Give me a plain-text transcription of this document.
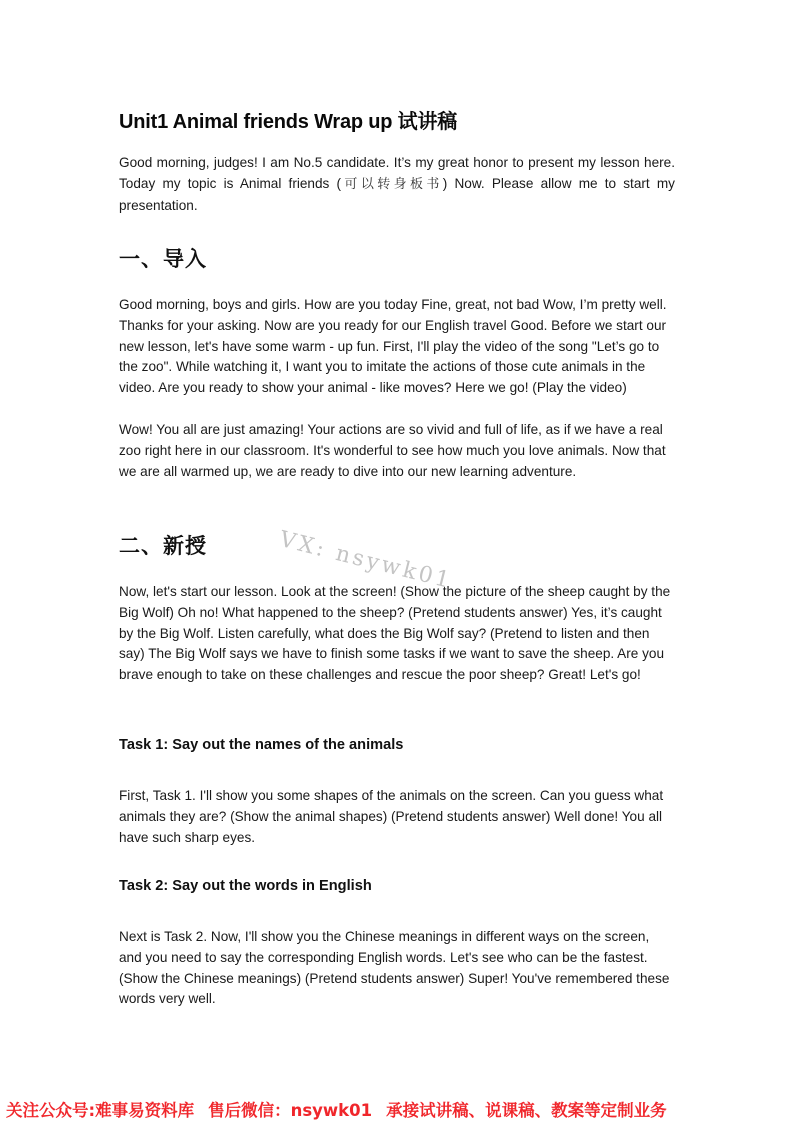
Unit1 Animal friends Wrap up 试讲稿

Good morning, judges! I am No.5 candidate. It’s my great honor to present my lesson here. Today my topic is Animal friends (可以转身板书) Now. Please allow me to start my presentation.

一、导入

Good morning, boys and girls. How are you today Fine, great, not bad Wow, I’m pretty well. Thanks for your asking. Now are you ready for our English travel Good. Before we start our new lesson, let's have some warm - up fun. First, I'll play the video of the song "Let’s go to the zoo". While watching it, I want you to imitate the actions of those cute animals in the video. Are you ready to show your animal - like moves? Here we go! (Play the video)

Wow! You all are just amazing! Your actions are so vivid and full of life, as if we have a real zoo right here in our classroom. It's wonderful to see how much you love animals. Now that we are all warmed up, we are ready to dive into our new learning adventure.

二、新授	VX: nsywk01

Now, let's start our lesson. Look at the screen! (Show the picture of the sheep caught by the Big Wolf) Oh no! What happened to the sheep? (Pretend students answer) Yes, it’s caught by the Big Wolf. Listen carefully, what does the Big Wolf say? (Pretend to listen and then say) The Big Wolf says we have to finish some tasks if we want to save the sheep. Are you brave enough to take on these challenges and rescue the poor sheep? Great! Let's go!

Task 1: Say out the names of the animals

First, Task 1. I'll show you some shapes of the animals on the screen. Can you guess what animals they are? (Show the animal shapes) (Pretend students answer) Well done! You all have such sharp eyes.

Task 2: Say out the words in English

Next is Task 2. Now, I'll show you the Chinese meanings in different ways on the screen, and you need to say the corresponding English words. Let's see who can be the fastest. (Show the Chinese meanings) (Pretend students answer) Super! You've remembered these words very well.

关注公众号:难事易资料库 售后微信：nsywk01 承接试讲稿、说课稿、教案等定制业务
